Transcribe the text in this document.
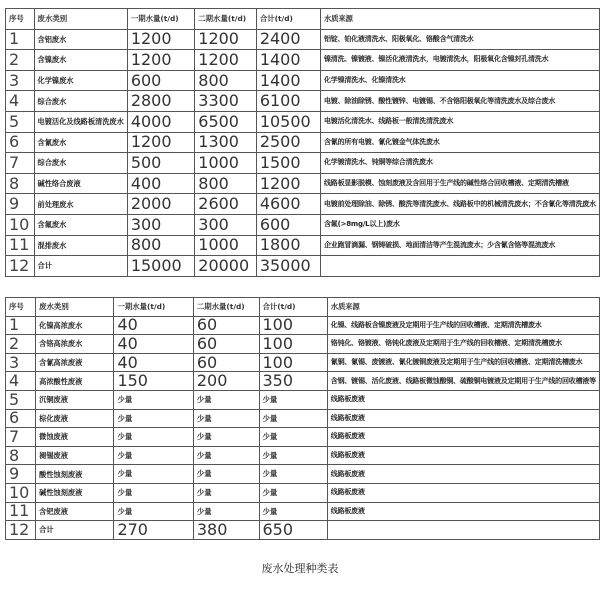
序号	废水类别	一期水量(t/d)	二期水量(t/d)	合计(t/d)	水质来源
1	含铝废水	1200	1200	2400	铝锭、铂化液清洗水、阳极氧化、铬酸含气清洗水
2	含镍废水	1200	1200	1400	镍清洗、镍镀液、镍活化液清洗水，电镀清洗水，阳极氧化含镍封孔清洗水
3	化学镍废水	600	800	1400	化学镍清洗水、化镍清洗水
4	综合废水	2800	3300	6100	电镀、除油除锈、酸性镀锌、电镀锡、不含铬阳极氧化等清洗废水及综合废水
5	电镀活化及线路板清洗废水	4000	6500	10500	电镀活化清洗水、线路板一般清洗清洗废水
6	含氰废水	1200	1300	2500	含氰的所有电镀、氰化镀金气体洗废水
7	综合废水	500	1000	1500	化学镀清洗水、钝铜等综合清洗废水
8	碱性络合废液	400	800	1200	线路板显影脱模、蚀刻废液及含回用于生产线的碱性络合回收槽液、定期清洗槽液
9	前处理废水	2000	2600	4600	电镀前处理除油、除锈、酸洗等清洗废水、线路板中的机械清洗废水；不含氰化等清洗废水
10	含氟废水	300	300	600	含氟(>8mg/L以上)废水
11	混排废水	800	1000	1800	企业跑冒滴漏、钢铸破损、地面清洁等产生混流废水；少含氰含铬等混流废水
12	合计	15000	20000	35000	
序号	废水类别	一期水量(t/d)	二期水量(t/d)	合计(t/d)	水质来源
1	化镍高浓废水	40	60	100	化镍、线路板含镍废液及定期用于生产线的回收槽液、定期清洗槽废水
2	含铬高浓废水	40	60	100	铬钝化、铬镀液、铬钝化废液及定期用于生产线的回收槽液、定期清洗槽废水
3	含氰高浓废液	40	60	100	氰铜、氰锡、废镀液、氰化镀铜废液及定期用于生产线的回收槽液、定期清洗槽废水
4	高浓酸性废液	150	200	350	含钢、镀锡、活化废液、线路板微蚀酸铜、硫酸铜电镀液及定期用于生产线的回收槽液等
5	沉铜废液	少量	少量	少量	线路板废液
6	棕化废液	少量	少量	少量	线路板废液
7	微蚀废液	少量	少量	少量	线路板废液
8	褪锡废液	少量	少量	少量	线路板废液
9	酸性蚀刻废液	少量	少量	少量	线路板废液
10	碱性蚀刻废液	少量	少量	少量	线路板废液
11	含钯废液	少量	少量	少量	线路板废液
12	合计	270	380	650	
废水处理种类表
